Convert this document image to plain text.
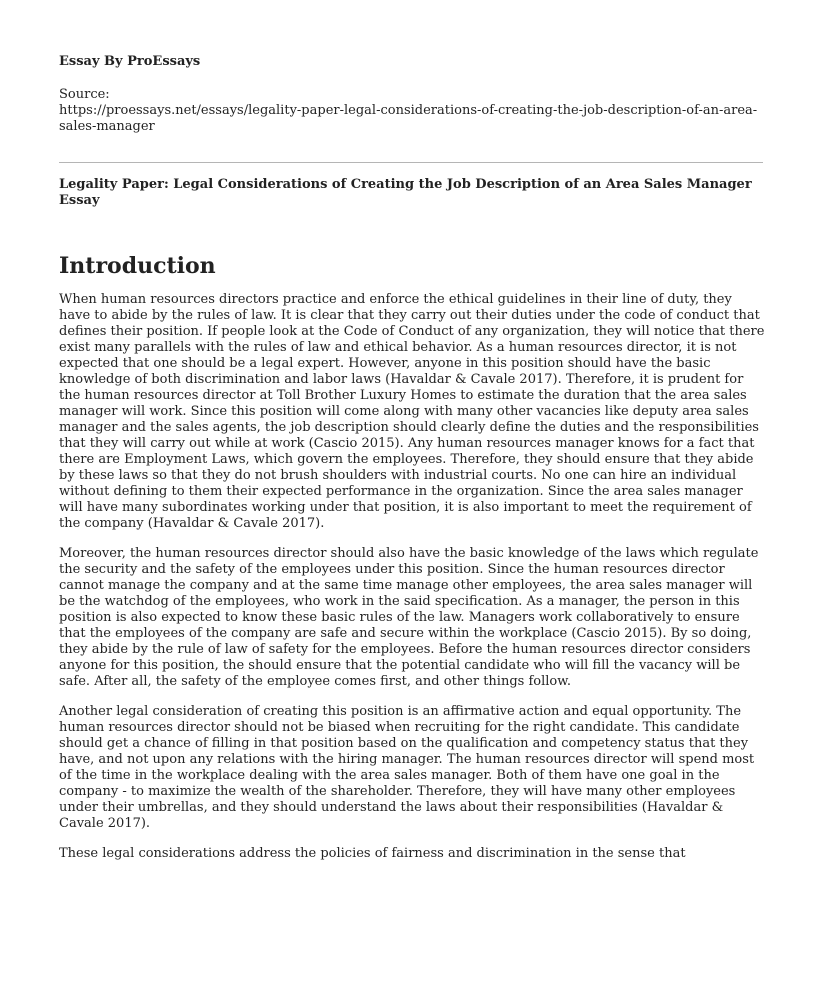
Essay By ProEssays

Source:
https://proessays.net/essays/legality-paper-legal-considerations-of-creating-the-job-description-of-an-area-sales-manager
Legality Paper: Legal Considerations of Creating the Job Description of an Area Sales Manager Essay
Introduction

When human resources directors practice and enforce the ethical guidelines in their line of duty, they have to abide by the rules of law. It is clear that they carry out their duties under the code of conduct that defines their position. If people look at the Code of Conduct of any organization, they will notice that there exist many parallels with the rules of law and ethical behavior. As a human resources director, it is not expected that one should be a legal expert. However, anyone in this position should have the basic knowledge of both discrimination and labor laws (Havaldar & Cavale 2017). Therefore, it is prudent for the human resources director at Toll Brother Luxury Homes to estimate the duration that the area sales manager will work. Since this position will come along with many other vacancies like deputy area sales manager and the sales agents, the job description should clearly define the duties and the responsibilities that they will carry out while at work (Cascio 2015). Any human resources manager knows for a fact that there are Employment Laws, which govern the employees. Therefore, they should ensure that they abide by these laws so that they do not brush shoulders with industrial courts. No one can hire an individual without defining to them their expected performance in the organization. Since the area sales manager will have many subordinates working under that position, it is also important to meet the requirement of the company (Havaldar & Cavale 2017).

Moreover, the human resources director should also have the basic knowledge of the laws which regulate the security and the safety of the employees under this position. Since the human resources director cannot manage the company and at the same time manage other employees, the area sales manager will be the watchdog of the employees, who work in the said specification. As a manager, the person in this position is also expected to know these basic rules of the law. Managers work collaboratively to ensure that the employees of the company are safe and secure within the workplace (Cascio 2015). By so doing, they abide by the rule of law of safety for the employees. Before the human resources director considers anyone for this position, the should ensure that the potential candidate who will fill the vacancy will be safe. After all, the safety of the employee comes first, and other things follow.

Another legal consideration of creating this position is an affirmative action and equal opportunity. The human resources director should not be biased when recruiting for the right candidate. This candidate should get a chance of filling in that position based on the qualification and competency status that they have, and not upon any relations with the hiring manager. The human resources director will spend most of the time in the workplace dealing with the area sales manager. Both of them have one goal in the company - to maximize the wealth of the shareholder. Therefore, they will have many other employees under their umbrellas, and they should understand the laws about their responsibilities (Havaldar & Cavale 2017).

These legal considerations address the policies of fairness and discrimination in the sense that
